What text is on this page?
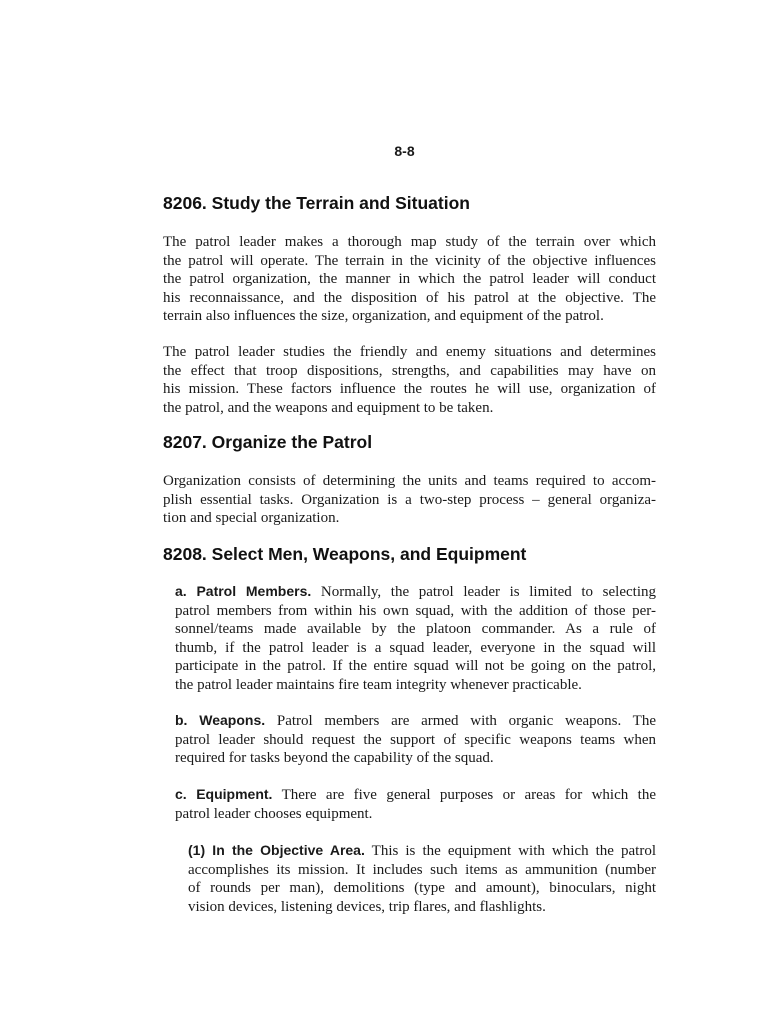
8-8
8206. Study the Terrain and Situation
The patrol leader makes a thorough map study of the terrain over which
the patrol will operate. The terrain in the vicinity of the objective influences
the patrol organization, the manner in which the patrol leader will conduct
his reconnaissance, and the disposition of his patrol at the objective. The
terrain also influences the size, organization, and equipment of the patrol.
The patrol leader studies the friendly and enemy situations and determines
the effect that troop dispositions, strengths, and capabilities may have on
his mission. These factors influence the routes he will use, organization of
the patrol, and the weapons and equipment to be taken.
8207. Organize the Patrol
Organization consists of determining the units and teams required to accom-
plish essential tasks. Organization is a two-step process – general organiza-
tion and special organization.
8208. Select Men, Weapons, and Equipment
a. Patrol Members. Normally, the patrol leader is limited to selecting
patrol members from within his own squad, with the addition of those per-
sonnel/teams made available by the platoon commander. As a rule of
thumb, if the patrol leader is a squad leader, everyone in the squad will
participate in the patrol. If the entire squad will not be going on the patrol,
the patrol leader maintains fire team integrity whenever practicable.
b. Weapons. Patrol members are armed with organic weapons. The
patrol leader should request the support of specific weapons teams when
required for tasks beyond the capability of the squad.
c. Equipment. There are five general purposes or areas for which the
patrol leader chooses equipment.
(1) In the Objective Area. This is the equipment with which the patrol
accomplishes its mission. It includes such items as ammunition (number
of rounds per man), demolitions (type and amount), binoculars, night
vision devices, listening devices, trip flares, and flashlights.
